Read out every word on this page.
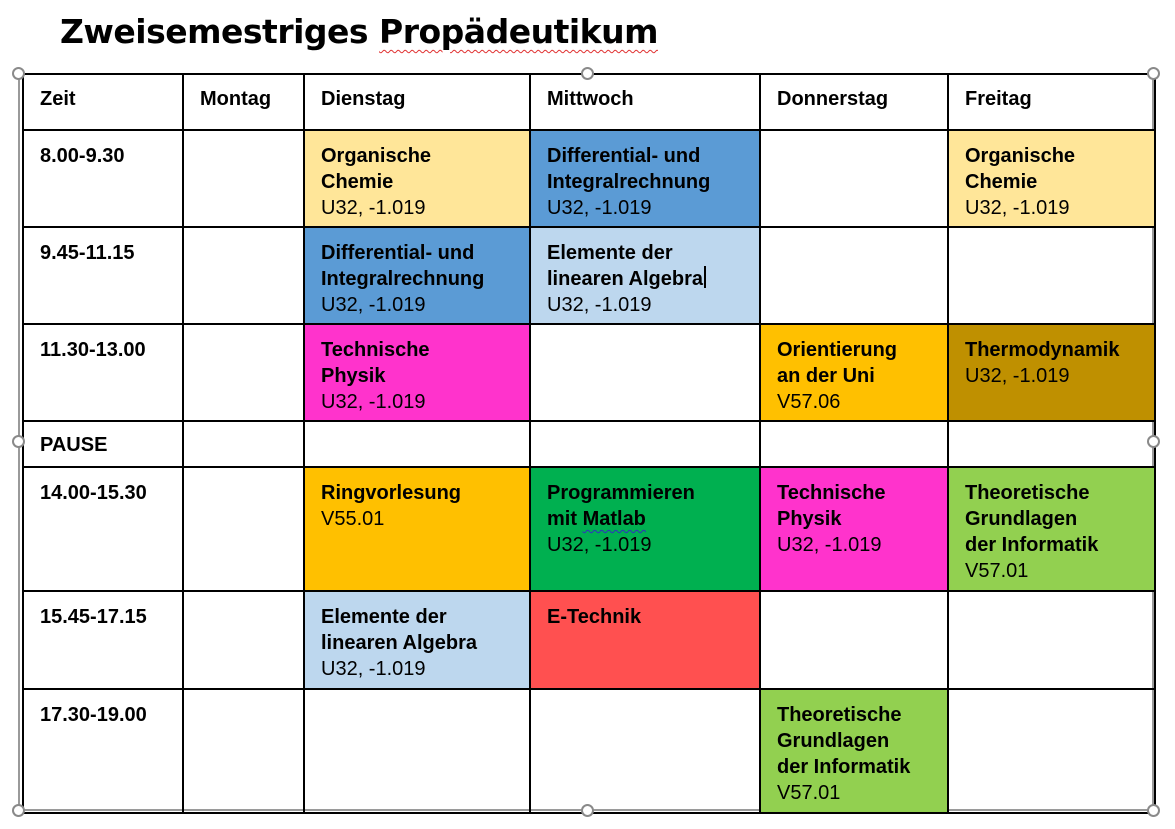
Zweisemestriges Propädeutikum
Zeit	Montag	Dienstag	Mittwoch	Donnerstag	Freitag
8.00-9.30		Organische
Chemie
U32, -1.019	Differential- und
Integralrechnung
U32, -1.019		Organische
Chemie
U32, -1.019

9.45-11.15		Differential- und
Integralrechnung
U32, -1.019	Elemente der
linearen Algebra
U32, -1.019		

11.30-13.00		Technische
Physik
U32, -1.019		Orientierung
an der Uni
V57.06	Thermodynamik
U32, -1.019

PAUSE					
14.00-15.30		Ringvorlesung
V55.01	Programmieren
mit Matlab
U32, -1.019	Technische
Physik
U32, -1.019	Theoretische
Grundlagen
der Informatik
V57.01

15.45-17.15		Elemente der
linearen Algebra
U32, -1.019	E-Technik		

17.30-19.00				Theoretische
Grundlagen
der Informatik
V57.01	
